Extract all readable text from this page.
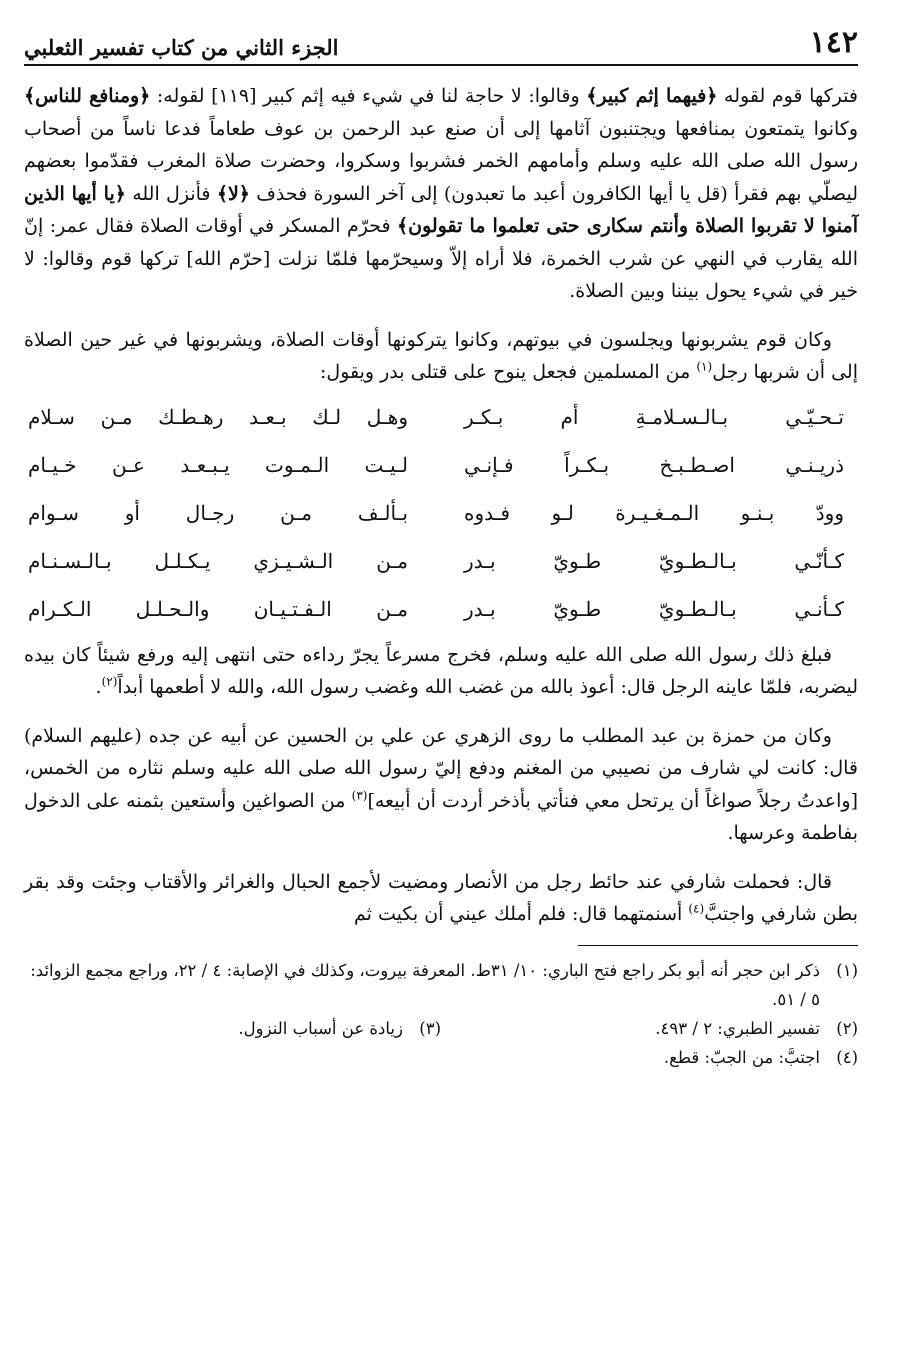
١٤٢
الجزء الثاني من كتاب تفسير الثعلبي

فتركها قوم لقوله ﴿فيهما إثم كبير﴾ وقالوا: لا حاجة لنا في شيء فيه إثم كبير [١١٩] لقوله: ﴿ومنافع للناس﴾ وكانوا يتمتعون بمنافعها ويجتنبون آثامها إلى أن صنع عبد الرحمن بن عوف طعاماً فدعا ناساً من أصحاب رسول الله صلى الله عليه وسلم وأمامهم الخمر فشربوا وسكروا، وحضرت صلاة المغرب فقدّموا بعضهم ليصلّي بهم فقرأ (قل يا أيها الكافرون أعبد ما تعبدون) إلى آخر السورة فحذف ﴿لا﴾ فأنزل الله ﴿يا أيها الذين آمنوا لا تقربوا الصلاة وأنتم سكارى حتى تعلموا ما تقولون﴾ فحرّم المسكر في أوقات الصلاة فقال عمر: إنّ الله يقارب في النهي عن شرب الخمرة، فلا أراه إلاّ وسيحرّمها فلمّا نزلت [حرّم الله] تركها قوم وقالوا: لا خير في شيء يحول بيننا وبين الصلاة.

وكان قوم يشربونها ويجلسون في بيوتهم، وكانوا يتركونها أوقات الصلاة، ويشربونها في غير حين الصلاة إلى أن شربها رجل$^{(١)}$ من المسلمين فجعل ينوح على قتلى بدر ويقول:

تـحـيّـي بـالـسـلامـةِ أم بـكـر
وهـل لـك بـعـد رهـطـك مـن سـلام
ذريـنـي اصـطـبـخ بـكـراً فـإنـي
لـيـت الـمـوت يـبـعـد عـن خـيـام
وودّ بـنـو الـمـغـيـرة لـو فـدوه
بـألـف مـن رجـال أو سـوام
كـأنّـي بـالـطـويّ طـويّ بـدر
مـن الـشـيـزي يـكـلـل بـالـسـنـام
كـأنـي بـالـطـويّ طـويّ بـدر
مـن الـفـتـيـان والـحـلـل الـكـرام

فبلغ ذلك رسول الله صلى الله عليه وسلم، فخرج مسرعاً يجرّ رداءه حتى انتهى إليه ورفع شيئاً كان بيده ليضربه، فلمّا عاينه الرجل قال: أعوذ بالله من غضب الله وغضب رسول الله، والله لا أطعمها أبداً$^{(٢)}$.

وكان من حمزة بن عبد المطلب ما روى الزهري عن علي بن الحسين عن أبيه عن جده (عليهم السلام) قال: كانت لي شارف من نصيبي من المغنم ودفع إليّ رسول الله صلى الله عليه وسلم نثاره من الخمس، [واعدتُ رجلاً صواغاً أن يرتحل معي فنأتي بأذخر أردت أن أبيعه]$^{(٣)}$ من الصواغين وأستعين بثمنه على الدخول بفاطمة وعرسها.

قال: فحملت شارفي عند حائط رجل من الأنصار ومضيت لأجمع الحبال والغرائر والأقتاب وجئت وقد بقر بطن شارفي واجتبَّ$^{(٤)}$ أسنمتهما قال: فلم أملك عيني أن بكيت ثم

(١)
ذكر ابن حجر أنه أبو بكر راجع فتح الباري: ١٠/ ٣١ط. المعرفة بيروت، وكذلك في الإصابة: ٤ / ٢٢، وراجع مجمع الزوائد: ٥ / ٥١.
(٢)
تفسير الطبري: ٢ / ٤٩٣.
(٣)
زيادة عن أسباب النزول.
(٤)
اجتبَّ: من الجبّ: قطع.
